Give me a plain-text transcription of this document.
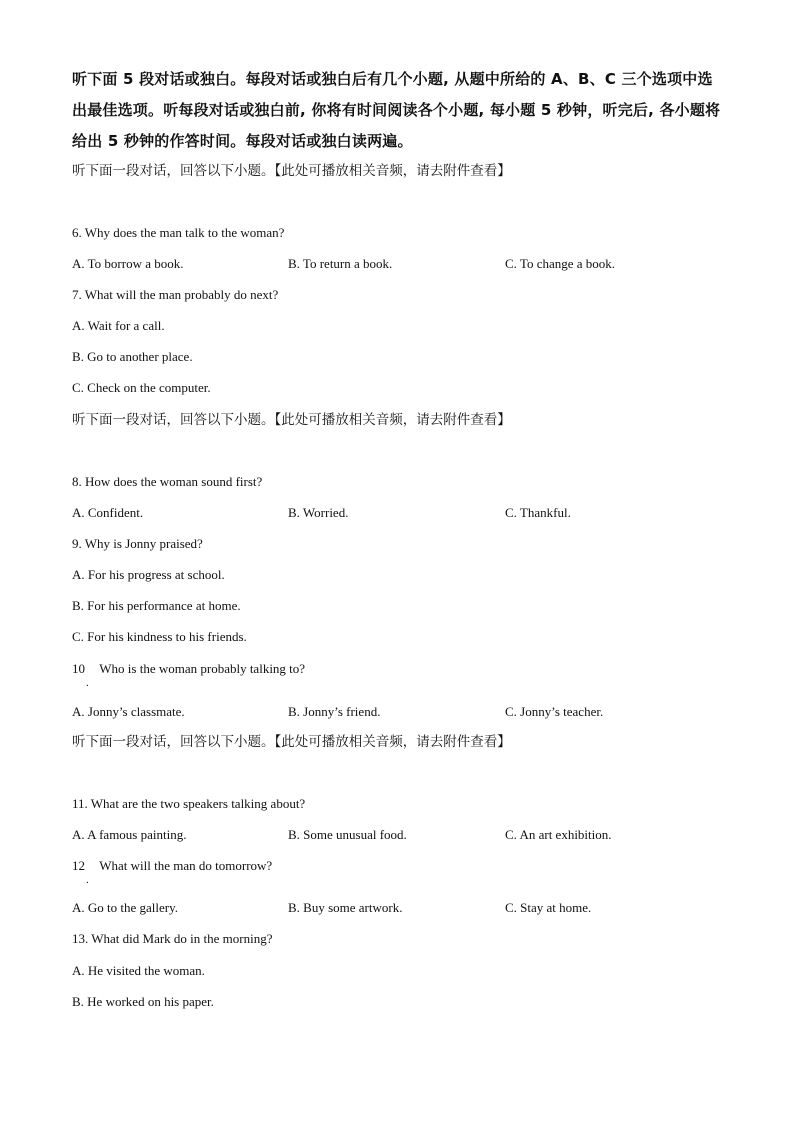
听下面 5 段对话或独白。每段对话或独白后有几个小题, 从题中所给的 A、B、C 三个选项中选出最佳选项。听每段对话或独白前, 你将有时间阅读各个小题, 每小题 5 秒钟，听完后, 各小题将给出 5 秒钟的作答时间。每段对话或独白读两遍。
听下面一段对话，回答以下小题。【此处可播放相关音频，请去附件查看】
6. Why does the man talk to the woman?
A. To borrow a book.	B. To return a book.	C. To change a book.
7. What will the man probably do next?
A. Wait for a call.
B. Go to another place.
C. Check on the computer.
听下面一段对话，回答以下小题。【此处可播放相关音频，请去附件查看】
8. How does the woman sound first?
A. Confident.	B. Worried.	C. Thankful.
9. Why is Jonny praised?
A. For his progress at school.
B. For his performance at home.
C. For his kindness to his friends.
10 Who is the woman probably talking to?
.
A. Jonny’s classmate.	B. Jonny’s friend.	C. Jonny’s teacher.
听下面一段对话，回答以下小题。【此处可播放相关音频，请去附件查看】
11. What are the two speakers talking about?
A. A famous painting.	B. Some unusual food.	C. An art exhibition.
12 What will the man do tomorrow?
.
A. Go to the gallery.	B. Buy some artwork.	C. Stay at home.
13. What did Mark do in the morning?
A. He visited the woman.
B. He worked on his paper.
